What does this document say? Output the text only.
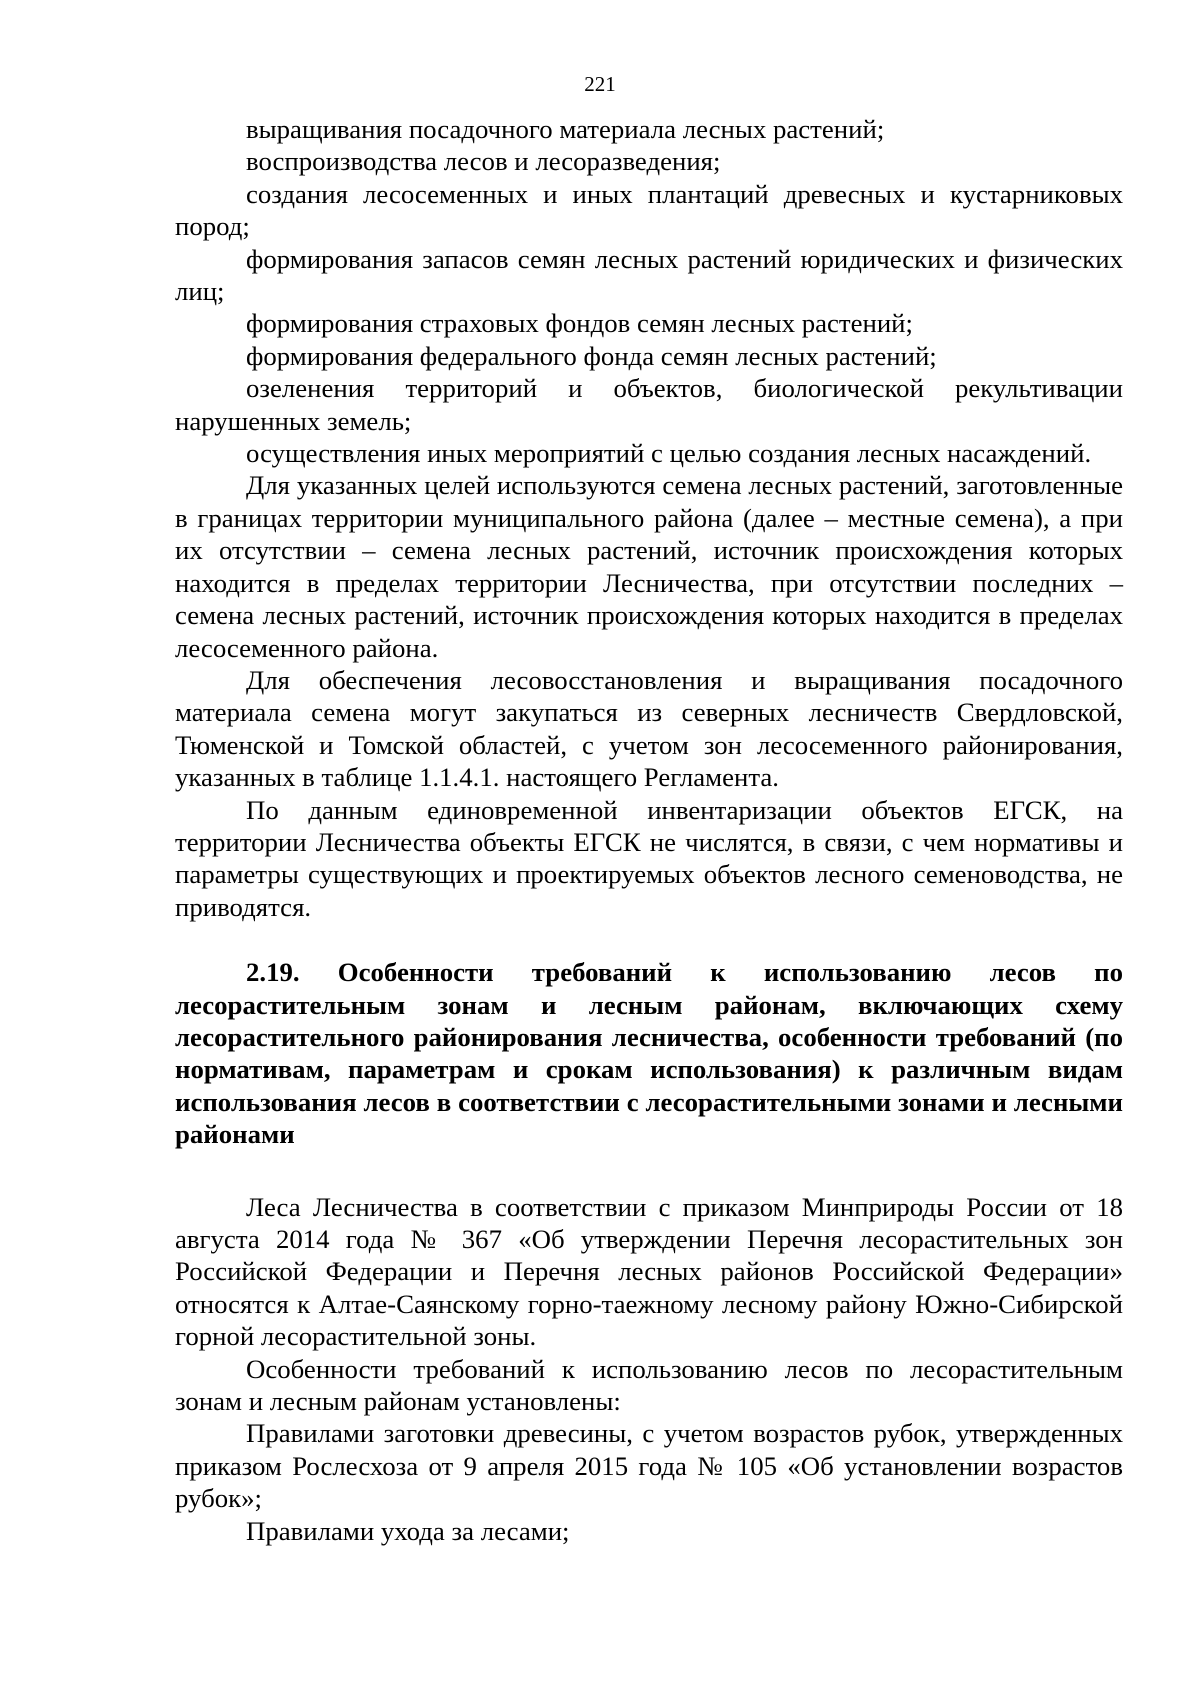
221

выращивания посадочного материала лесных растений;

воспроизводства лесов и лесоразведения;

создания лесосеменных и иных плантаций древесных и кустарниковых пород;

формирования запасов семян лесных растений юридических и физических лиц;

формирования страховых фондов семян лесных растений;

формирования федерального фонда семян лесных растений;

озеленения территорий и объектов, биологической рекультивации нарушенных земель;

осуществления иных мероприятий с целью создания лесных насаждений.

Для указанных целей используются семена лесных растений, заготовленные в границах территории муниципального района (далее – местные семена), а при их отсутствии – семена лесных растений, источник происхождения которых находится в пределах территории Лесничества, при отсутствии последних – семена лесных растений, источник происхождения которых находится в пределах лесосеменного района.

Для обеспечения лесовосстановления и выращивания посадочного материала семена могут закупаться из северных лесничеств Свердловской, Тюменской и Томской областей, с учетом зон лесосеменного районирования, указанных в таблице 1.1.4.1. настоящего Регламента.

По данным единовременной инвентаризации объектов ЕГСК, на территории Лесничества объекты ЕГСК не числятся, в связи, с чем нормативы и параметры существующих и проектируемых объектов лесного семеноводства, не приводятся.

2.19. Особенности требований к использованию лесов по лесорастительным зонам и лесным районам, включающих схему лесорастительного районирования лесничества, особенности требований (по нормативам, параметрам и срокам использования) к различным видам использования лесов в соответствии с лесорастительными зонами и лесными районами

Леса Лесничества в соответствии с приказом Минприроды России от 18 августа 2014 года № 367 «Об утверждении Перечня лесорастительных зон Российской Федерации и Перечня лесных районов Российской Федерации» относятся к Алтае-Саянскому горно-таежному лесному району Южно-Сибирской горной лесорастительной зоны.

Особенности требований к использованию лесов по лесорастительным зонам и лесным районам установлены:

Правилами заготовки древесины, с учетом возрастов рубок, утвержденных приказом Рослесхоза от 9 апреля 2015 года № 105 «Об установлении возрастов рубок»;

Правилами ухода за лесами;
